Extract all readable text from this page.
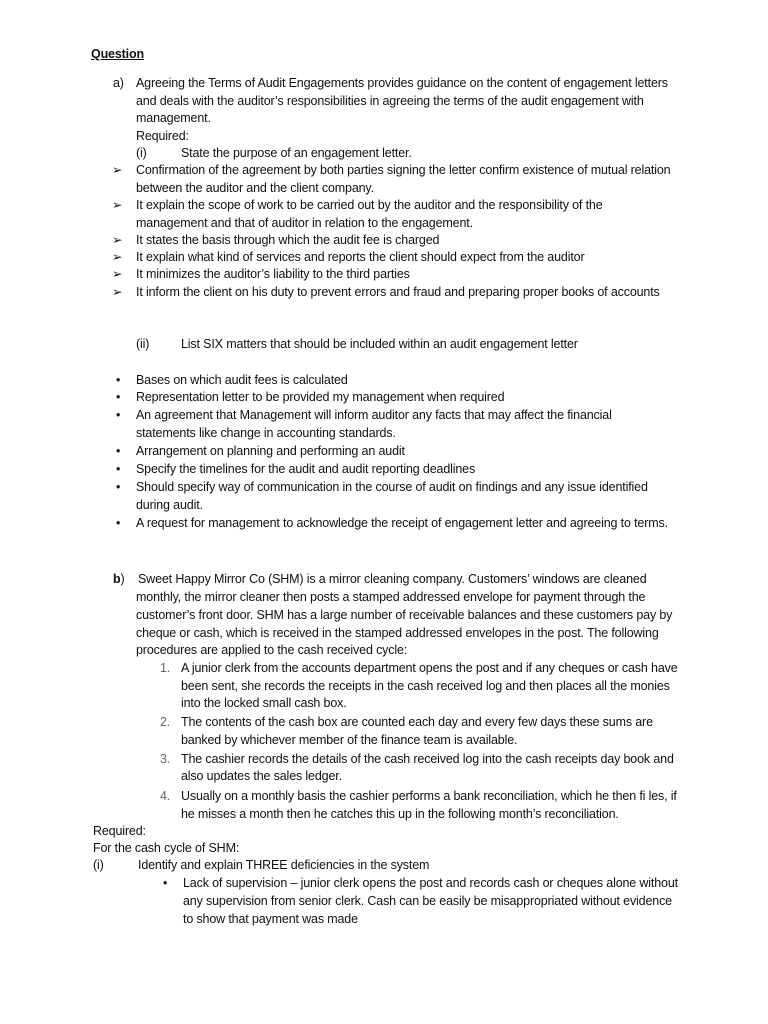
Question
a) Agreeing the Terms of Audit Engagements provides guidance on the content of engagement letters
and deals with the auditor’s responsibilities in agreeing the terms of the audit engagement with
management.
Required:
(i)	State the purpose of an engagement letter.
➢ Confirmation of the agreement by both parties signing the letter confirm existence of mutual relation
between the auditor and the client company.
➢ It explain the scope of work to be carried out by the auditor and the responsibility of the
management and that of auditor in relation to the engagement.
➢ It states the basis through which the audit fee is charged
➢ It explain what kind of services and reports the client should expect from the auditor
➢ It minimizes the auditor’s liability to the third parties
➢ It inform the client on his duty to prevent errors and fraud and preparing proper books of accounts
(ii)	List SIX matters that should be included within an audit engagement letter
• Bases on which audit fees is calculated
• Representation letter to be provided my management when required
• An agreement that Management will inform auditor any facts that may affect the financial
statements like change in accounting standards.
• Arrangement on planning and performing an audit
• Specify the timelines for the audit and audit reporting deadlines
• Should specify way of communication in the course of audit on findings and any issue identified
during audit.
• A request for management to acknowledge the receipt of engagement letter and agreeing to terms.
b) Sweet Happy Mirror Co (SHM) is a mirror cleaning company. Customers’ windows are cleaned
monthly, the mirror cleaner then posts a stamped addressed envelope for payment through the
customer’s front door. SHM has a large number of receivable balances and these customers pay by
cheque or cash, which is received in the stamped addressed envelopes in the post. The following
procedures are applied to the cash received cycle:
1. A junior clerk from the accounts department opens the post and if any cheques or cash have
been sent, she records the receipts in the cash received log and then places all the monies
into the locked small cash box.
2. The contents of the cash box are counted each day and every few days these sums are
banked by whichever member of the finance team is available.
3. The cashier records the details of the cash received log into the cash receipts day book and
also updates the sales ledger.
4. Usually on a monthly basis the cashier performs a bank reconciliation, which he then fi les, if
he misses a month then he catches this up in the following month’s reconciliation.
Required:
For the cash cycle of SHM:
(i)	Identify and explain THREE deficiencies in the system
• Lack of supervision – junior clerk opens the post and records cash or cheques alone without
any supervision from senior clerk. Cash can be easily be misappropriated without evidence
to show that payment was made
